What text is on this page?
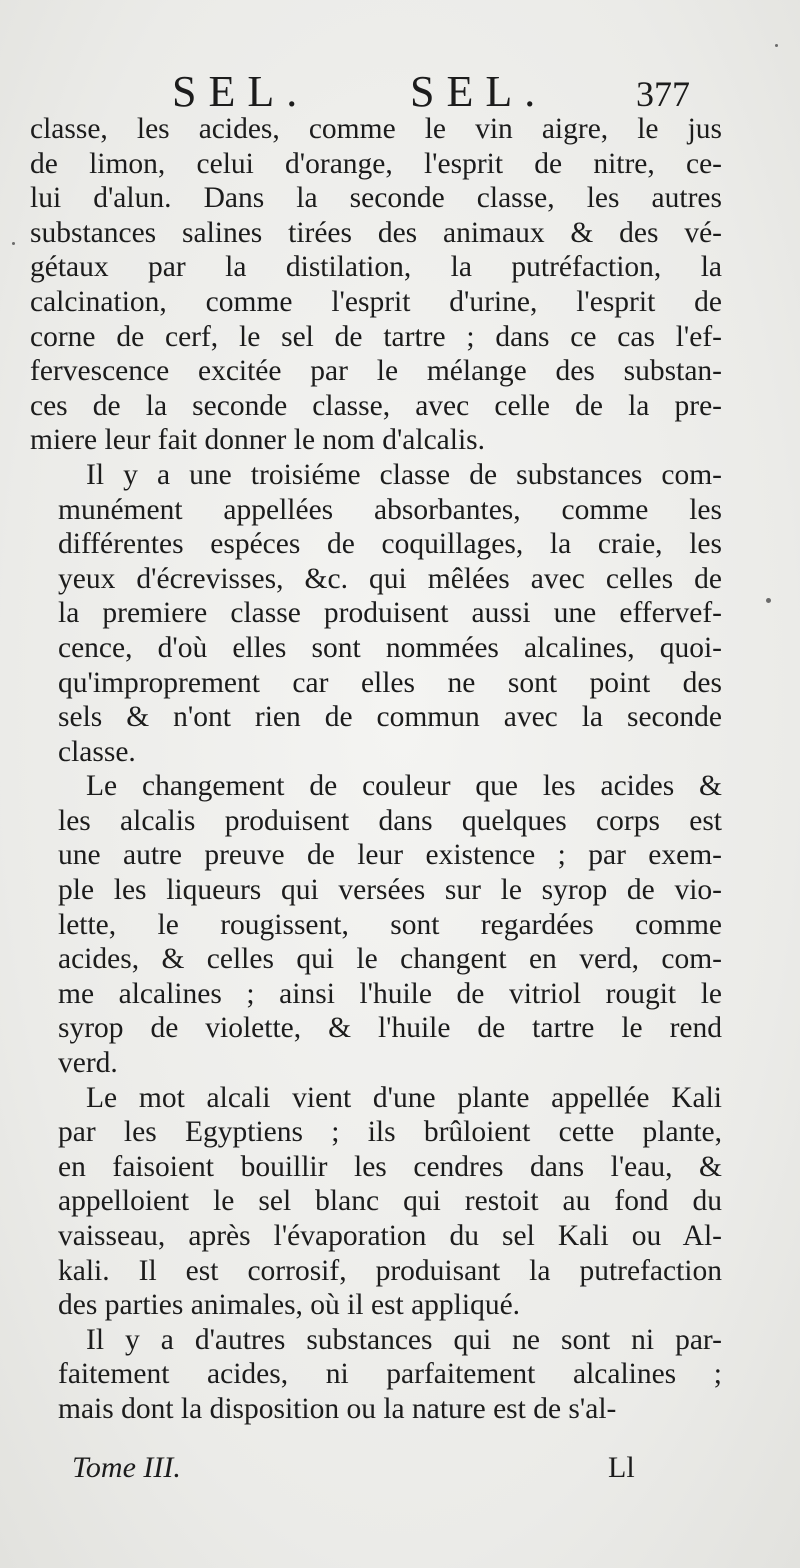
SEL. SEL. 377

classe, les acides, comme le vin aigre, le jus
de limon, celui d'orange, l'esprit de nitre, ce-
lui d'alun. Dans la seconde classe, les autres
substances salines tirées des animaux & des vé-
gétaux par la distilation, la putréfaction, la
calcination, comme l'esprit d'urine, l'esprit de
corne de cerf, le sel de tartre ; dans ce cas l'ef-
fervescence excitée par le mélange des substan-
ces de la seconde classe, avec celle de la pre-
miere leur fait donner le nom d'alcalis.

Il y a une troisiéme classe de substances com-
munément appellées absorbantes, comme les
différentes espéces de coquillages, la craie, les
yeux d'écrevisses, &c. qui mêlées avec celles de
la premiere classe produisent aussi une effervef-
cence, d'où elles sont nommées alcalines, quoi-
qu'improprement car elles ne sont point des
sels & n'ont rien de commun avec la seconde
classe.

Le changement de couleur que les acides &
les alcalis produisent dans quelques corps est
une autre preuve de leur existence ; par exem-
ple les liqueurs qui versées sur le syrop de vio-
lette, le rougissent, sont regardées comme
acides, & celles qui le changent en verd, com-
me alcalines ; ainsi l'huile de vitriol rougit le
syrop de violette, & l'huile de tartre le rend
verd.

Le mot alcali vient d'une plante appellée Kali
par les Egyptiens ; ils brûloient cette plante,
en faisoient bouillir les cendres dans l'eau, &
appelloient le sel blanc qui restoit au fond du
vaisseau, après l'évaporation du sel Kali ou Al-
kali. Il est corrosif, produisant la putrefaction
des parties animales, où il est appliqué.

Il y a d'autres substances qui ne sont ni par-
faitement acides, ni parfaitement alcalines ;
mais dont la disposition ou la nature est de s'al-

Tome III.	Ll
